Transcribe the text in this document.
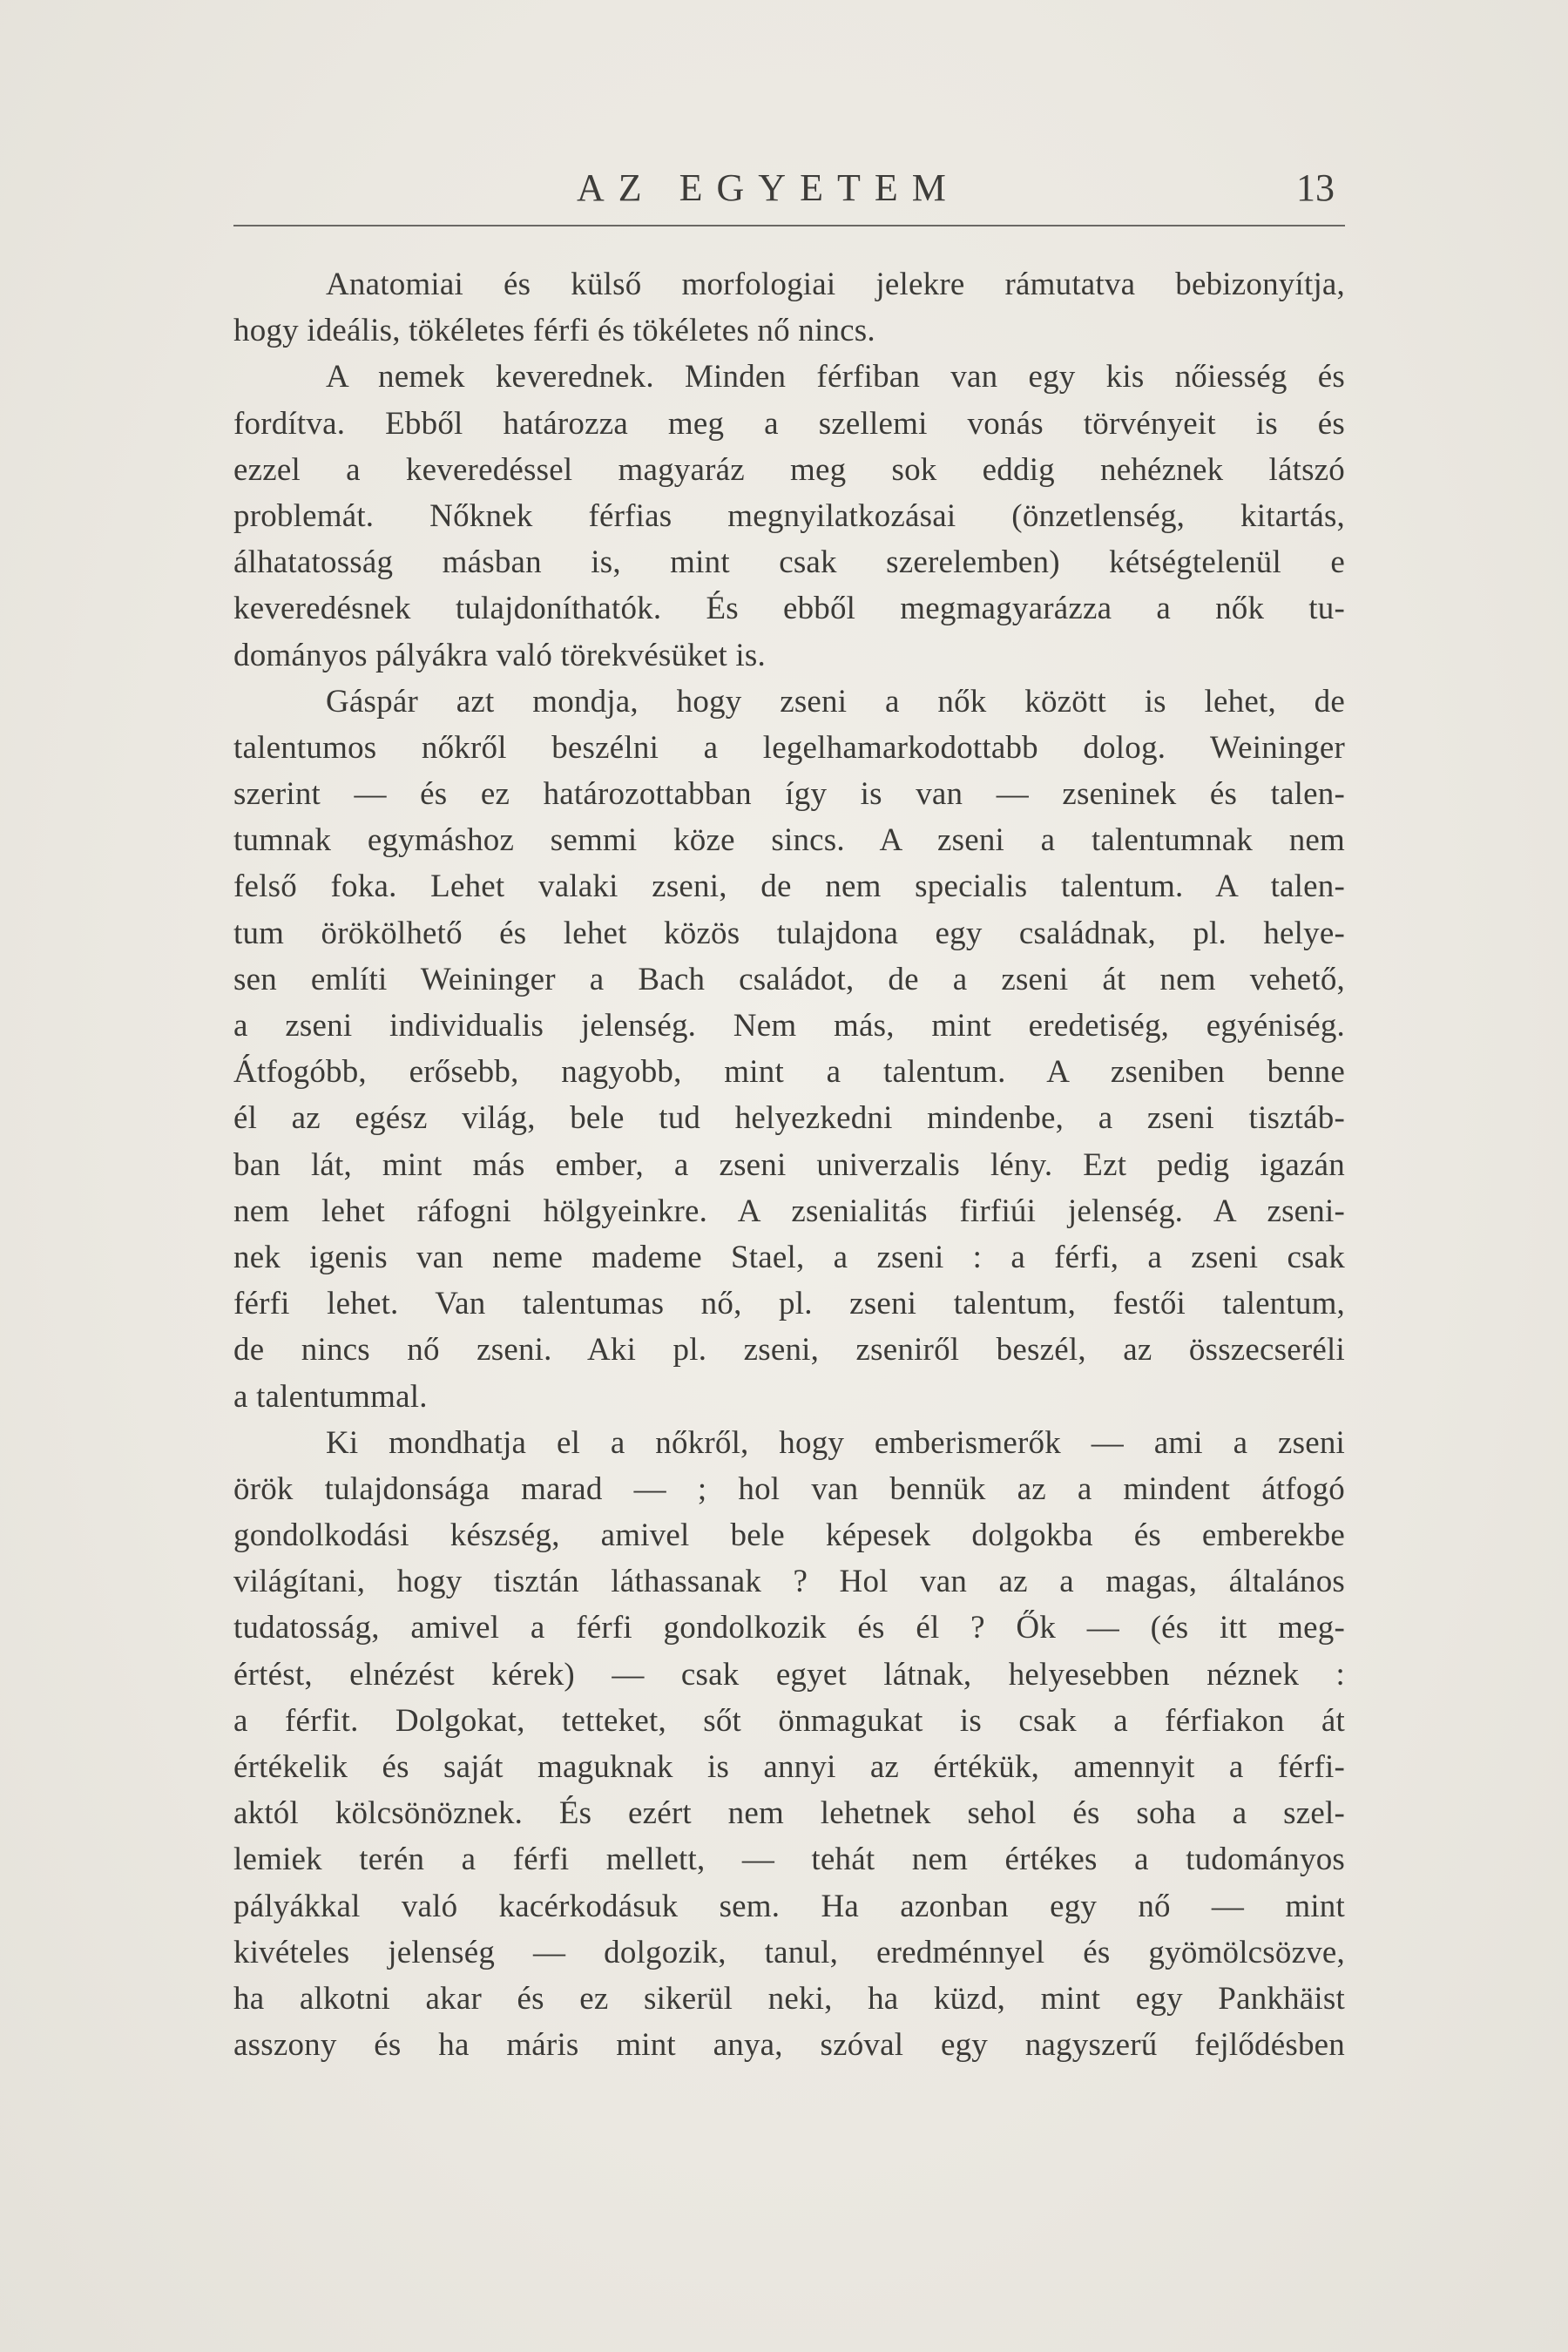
AZ EGYETEM	13
Anatomiai és külső morfologiai jelekre rámutatva bebizonyítja,
hogy ideális, tökéletes férfi és tökéletes nő nincs.
A nemek keverednek. Minden férfiban van egy kis nőiesség és
fordítva. Ebből határozza meg a szellemi vonás törvényeit is és
ezzel a keveredéssel magyaráz meg sok eddig nehéznek látszó
problemát. Nőknek férfias megnyilatkozásai (önzetlenség, kitartás,
álhatatosság másban is, mint csak szerelemben) kétségtelenül e
keveredésnek tulajdoníthatók. És ebből megmagyarázza a nők tu-
dományos pályákra való törekvésüket is.
Gáspár azt mondja, hogy zseni a nők között is lehet, de
talentumos nőkről beszélni a legelhamarkodottabb dolog. Weininger
szerint — és ez határozottabban így is van — zseninek és talen-
tumnak egymáshoz semmi köze sincs. A zseni a talentumnak nem
felső foka. Lehet valaki zseni, de nem specialis talentum. A talen-
tum örökölhető és lehet közös tulajdona egy családnak, pl. helye-
sen említi Weininger a Bach családot, de a zseni át nem vehető,
a zseni individualis jelenség. Nem más, mint eredetiség, egyéniség.
Átfogóbb, erősebb, nagyobb, mint a talentum. A zseniben benne
él az egész világ, bele tud helyezkedni mindenbe, a zseni tisztáb-
ban lát, mint más ember, a zseni univerzalis lény. Ezt pedig igazán
nem lehet ráfogni hölgyeinkre. A zsenialitás firfiúi jelenség. A zseni-
nek igenis van neme mademe Stael, a zseni : a férfi, a zseni csak
férfi lehet. Van talentumas nő, pl. zseni talentum, festői talentum,
de nincs nő zseni. Aki pl. zseni, zseniről beszél, az összecseréli
a talentummal.
Ki mondhatja el a nőkről, hogy emberismerők — ami a zseni
örök tulajdonsága marad — ; hol van bennük az a mindent átfogó
gondolkodási készség, amivel bele képesek dolgokba és emberekbe
világítani, hogy tisztán láthassanak ? Hol van az a magas, általános
tudatosság, amivel a férfi gondolkozik és él ? Ők — (és itt meg-
értést, elnézést kérek) — csak egyet látnak, helyesebben néznek :
a férfit. Dolgokat, tetteket, sőt önmagukat is csak a férfiakon át
értékelik és saját maguknak is annyi az értékük, amennyit a férfi-
aktól kölcsönöznek. És ezért nem lehetnek sehol és soha a szel-
lemiek terén a férfi mellett, — tehát nem értékes a tudományos
pályákkal való kacérkodásuk sem. Ha azonban egy nő — mint
kivételes jelenség — dolgozik, tanul, eredménnyel és gyömölcsözve,
ha alkotni akar és ez sikerül neki, ha küzd, mint egy Pankhäist
asszony és ha máris mint anya, szóval egy nagyszerű fejlődésben
